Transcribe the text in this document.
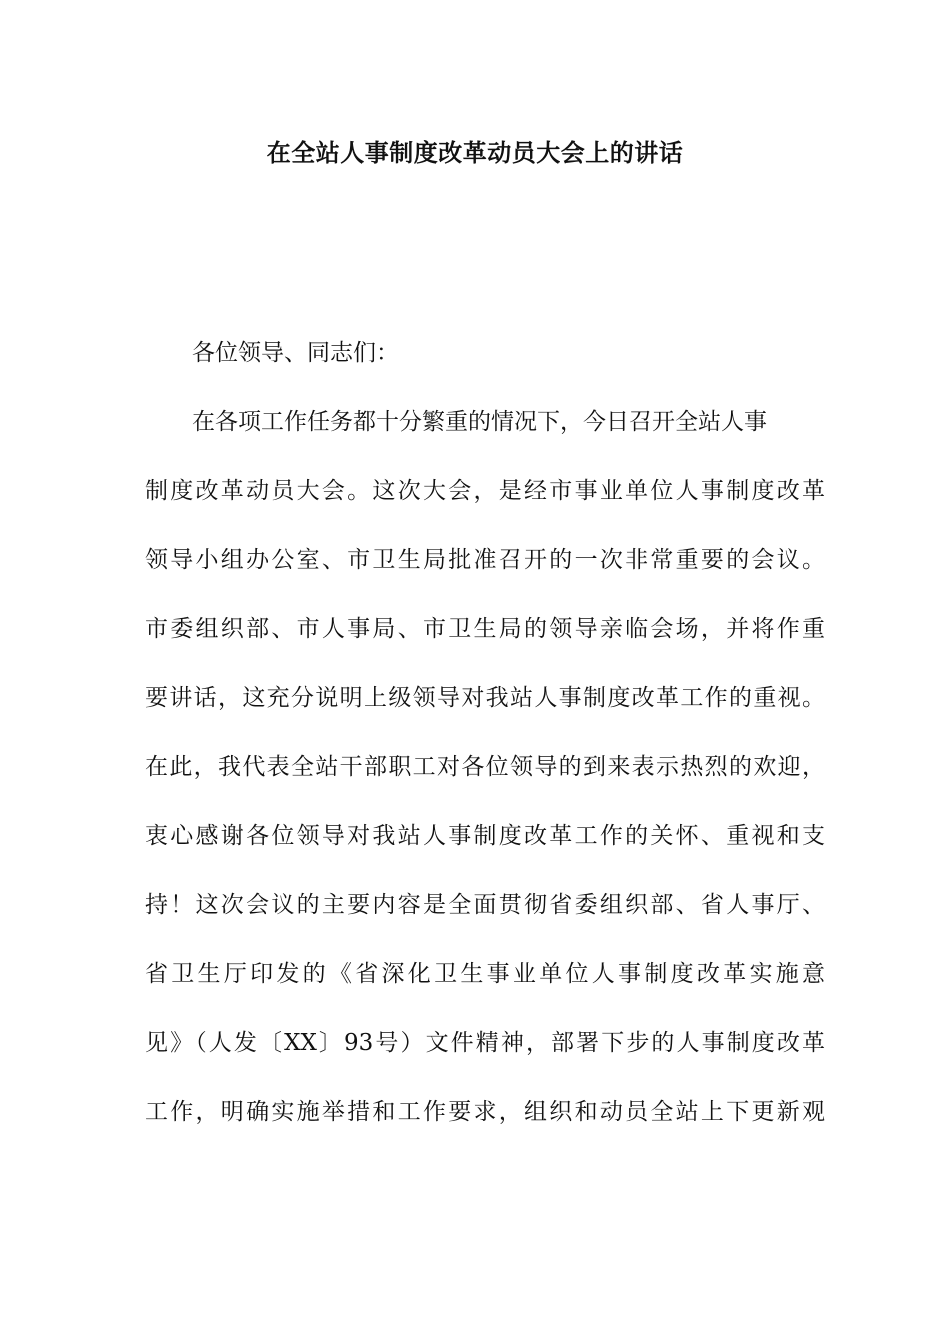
在全站人事制度改革动员大会上的讲话
各位领导、同志们：
在各项工作任务都十分繁重的情况下，今日召开全站人事
制度改革动员大会。这次大会，是经市事业单位人事制度改革
领导小组办公室、市卫生局批准召开的一次非常重要的会议。
市委组织部、市人事局、市卫生局的领导亲临会场，并将作重
要讲话，这充分说明上级领导对我站人事制度改革工作的重视。
在此，我代表全站干部职工对各位领导的到来表示热烈的欢迎，
衷心感谢各位领导对我站人事制度改革工作的关怀、重视和支
持！这次会议的主要内容是全面贯彻省委组织部、省人事厅、
省卫生厅印发的《省深化卫生事业单位人事制度改革实施意
见》（人发〔XX〕93号）文件精神，部署下步的人事制度改革
工作，明确实施举措和工作要求，组织和动员全站上下更新观
